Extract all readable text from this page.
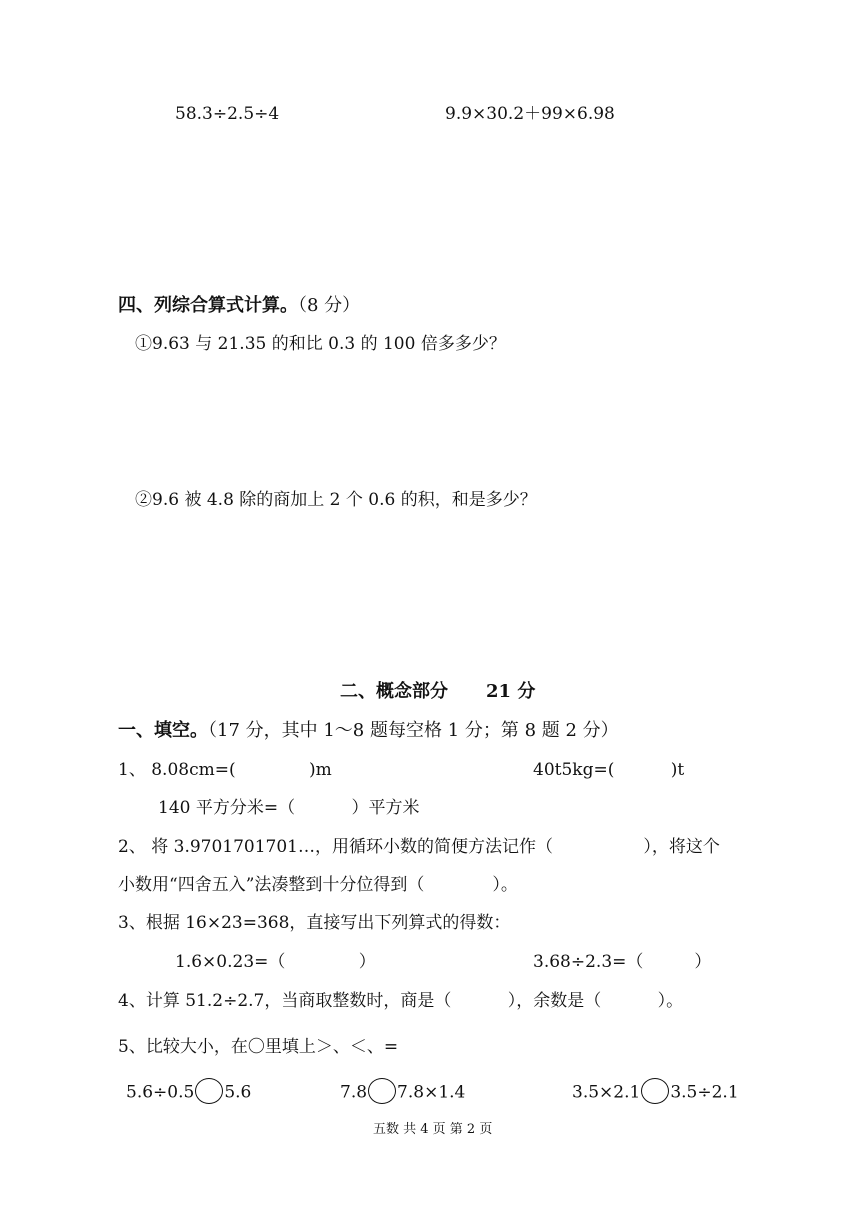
58.3÷2.5÷4	9.9×30.2＋99×6.98
四、列综合算式计算。（8 分）
①9.63 与 21.35 的和比 0.3 的 100 倍多多少？
②9.6 被 4.8 除的商加上 2 个 0.6 的积，和是多少？
二、概念部分 21 分
一、填空。（17 分，其中 1～8 题每空格 1 分；第 8 题 2 分）
1、 8.08cm=(　　　　 )m	40t5kg=(　　　 )t
140 平方分米=（　　　 ）平方米
2、 将 3.9701701701…，用循环小数的简便方法记作（　　　　　 ），将这个
小数用“四舍五入”法凑整到十分位得到（　　　　）。
3、根据 16×23=368，直接写出下列算式的得数：
1.6×0.23=（　　　　 ）	3.68÷2.3=（　　　）
4、计算 51.2÷2.7，当商取整数时，商是（　　　 ），余数是（　　　 ）。
5、比较大小，在〇里填上＞、＜、=
5.6÷0.5 5.6	7.8 7.8×1.4	3.5×2.1 3.5÷2.1
五数 共 4 页 第 2 页
